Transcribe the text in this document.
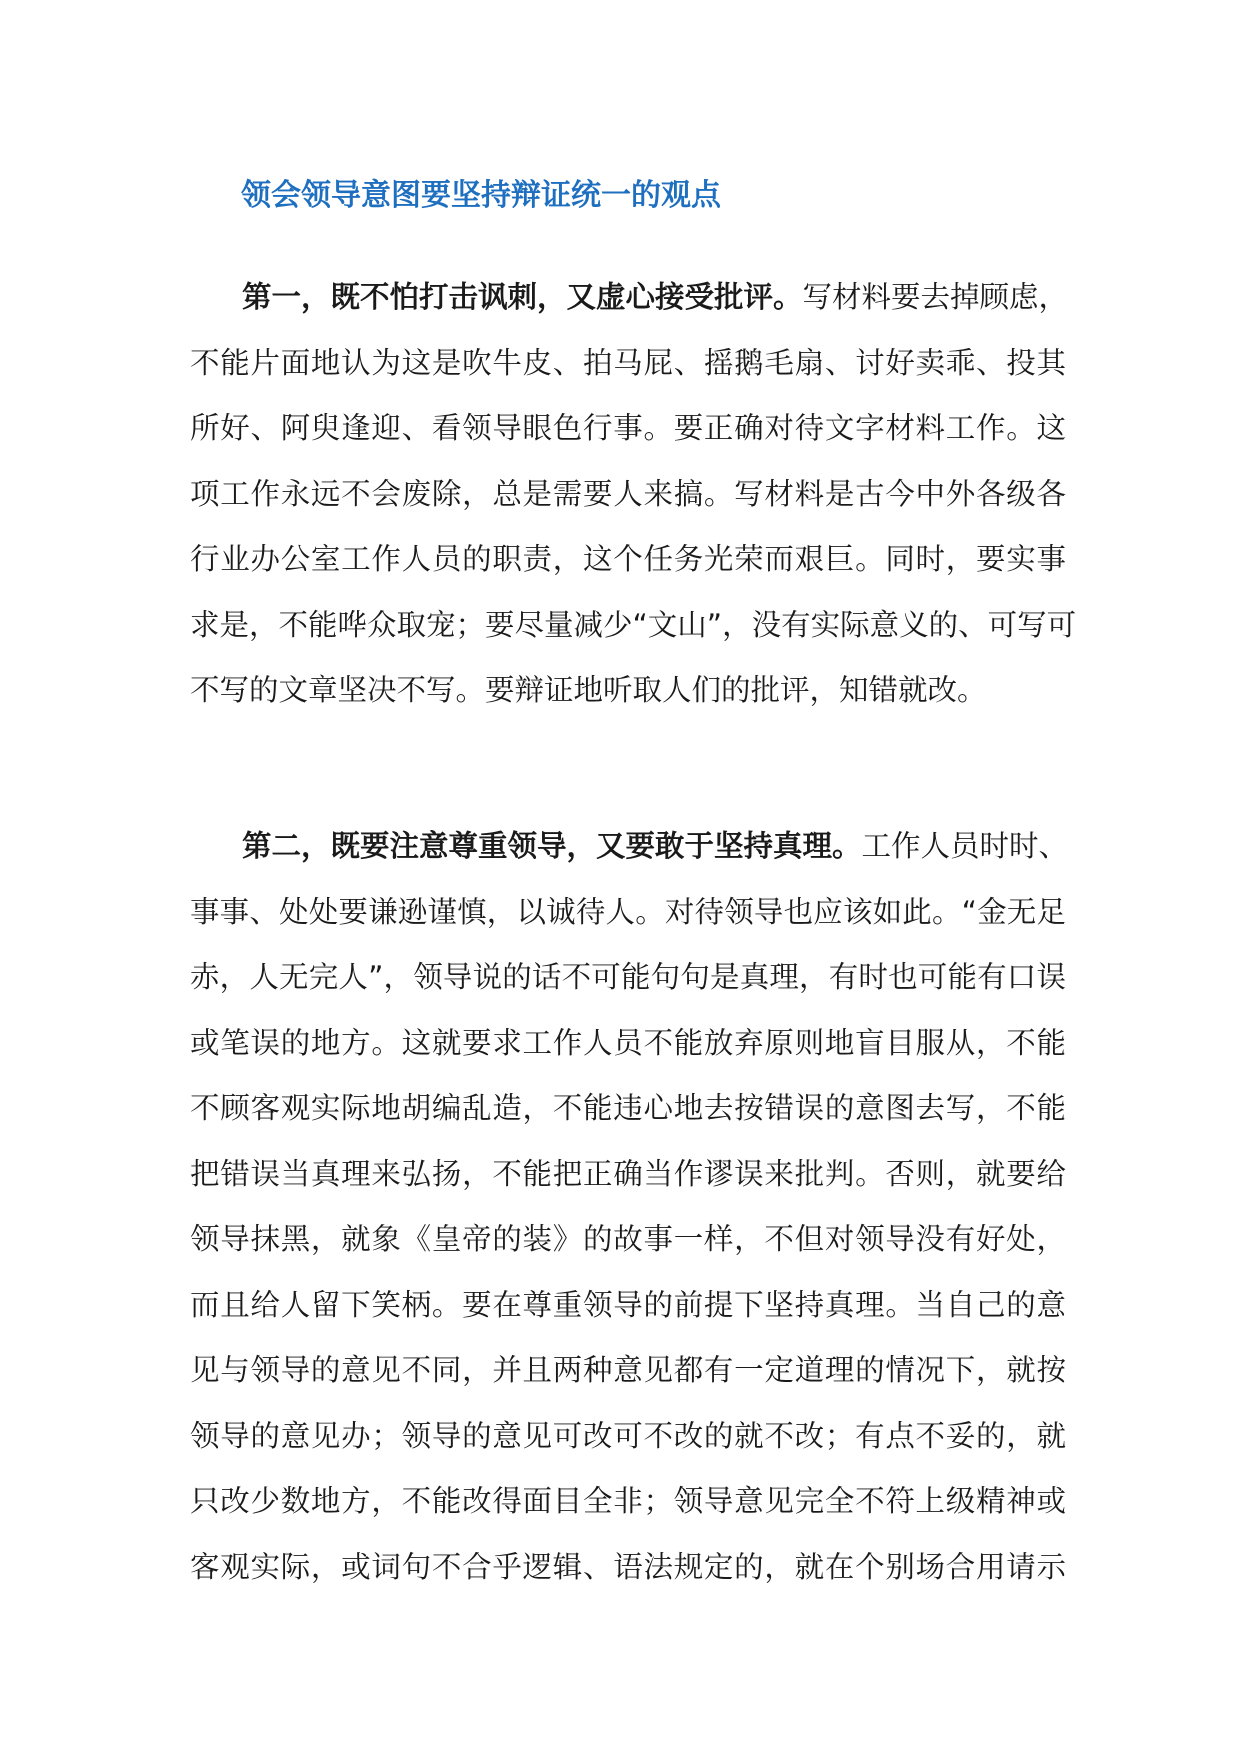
领会领导意图要坚持辩证统一的观点
第一，既不怕打击讽刺，又虚心接受批评。写材料要去掉顾虑，
不能片面地认为这是吹牛皮、拍马屁、摇鹅毛扇、讨好卖乖、投其
所好、阿臾逢迎、看领导眼色行事。要正确对待文字材料工作。这
项工作永远不会废除，总是需要人来搞。写材料是古今中外各级各
行业办公室工作人员的职责，这个任务光荣而艰巨。同时，要实事
求是，不能哗众取宠；要尽量减少“文山”，没有实际意义的、可写可
不写的文章坚决不写。要辩证地听取人们的批评，知错就改。
第二，既要注意尊重领导，又要敢于坚持真理。工作人员时时、
事事、处处要谦逊谨慎，以诚待人。对待领导也应该如此。“金无足
赤，人无完人”，领导说的话不可能句句是真理，有时也可能有口误
或笔误的地方。这就要求工作人员不能放弃原则地盲目服从，不能
不顾客观实际地胡编乱造，不能违心地去按错误的意图去写，不能
把错误当真理来弘扬，不能把正确当作谬误来批判。否则，就要给
领导抹黑，就象《皇帝的装》的故事一样，不但对领导没有好处，
而且给人留下笑柄。要在尊重领导的前提下坚持真理。当自己的意
见与领导的意见不同，并且两种意见都有一定道理的情况下，就按
领导的意见办；领导的意见可改可不改的就不改；有点不妥的，就
只改少数地方，不能改得面目全非；领导意见完全不符上级精神或
客观实际，或词句不合乎逻辑、语法规定的，就在个别场合用请示
